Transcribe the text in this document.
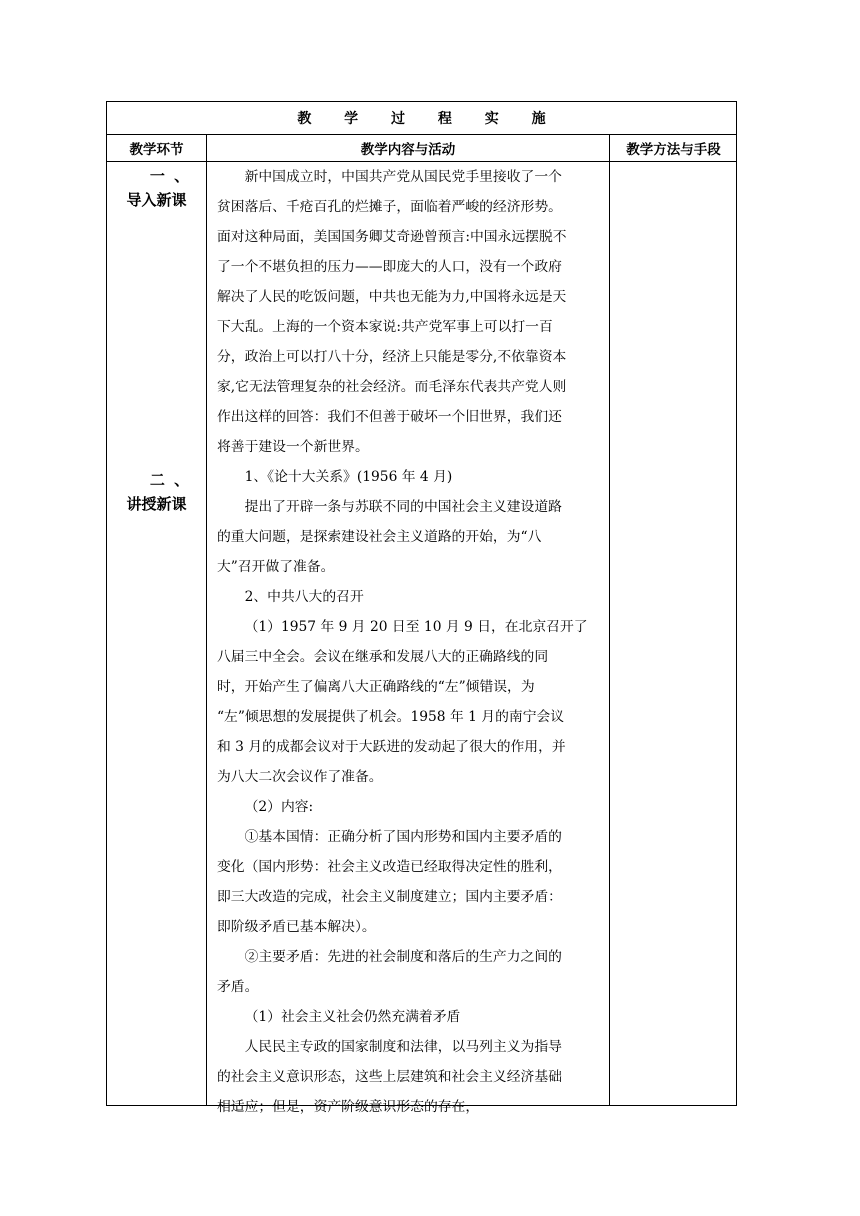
教 学 过 程 实 施
教学环节	教学内容与活动	教学方法与手段
一 、
导入新课
二 、
讲授新课

新中国成立时，中国共产党从国民党手里接收了一个

贫困落后、千疮百孔的烂摊子，面临着严峻的经济形势。

面对这种局面，美国国务卿艾奇逊曾预言:中国永远摆脱不

了一个不堪负担的压力——即庞大的人口，没有一个政府

解决了人民的吃饭问题，中共也无能为力,中国将永远是天

下大乱。上海的一个资本家说:共产党军事上可以打一百

分，政治上可以打八十分，经济上只能是零分,不依靠资本

家,它无法管理复杂的社会经济。而毛泽东代表共产党人则

作出这样的回答：我们不但善于破坏一个旧世界，我们还

将善于建设一个新世界。

1、《论十大关系》(1956 年 4 月)

提出了开辟一条与苏联不同的中国社会主义建设道路

的重大问题，是探索建设社会主义道路的开始，为“八

大”召开做了准备。

2、中共八大的召开

（1）1957 年 9 月 20 日至 10 月 9 日，在北京召开了

八届三中全会。会议在继承和发展八大的正确路线的同

时，开始产生了偏离八大正确路线的“左”倾错误，为

“左”倾思想的发展提供了机会。1958 年 1 月的南宁会议

和 3 月的成都会议对于大跃进的发动起了很大的作用，并

为八大二次会议作了准备。

（2）内容:

①基本国情：正确分析了国内形势和国内主要矛盾的

变化（国内形势：社会主义改造已经取得决定性的胜利，

即三大改造的完成，社会主义制度建立；国内主要矛盾：

即阶级矛盾已基本解决）。

②主要矛盾：先进的社会制度和落后的生产力之间的

矛盾。

（1）社会主义社会仍然充满着矛盾

人民民主专政的国家制度和法律，以马列主义为指导

的社会主义意识形态，这些上层建筑和社会主义经济基础

相适应；但是，资产阶级意识形态的存在，
